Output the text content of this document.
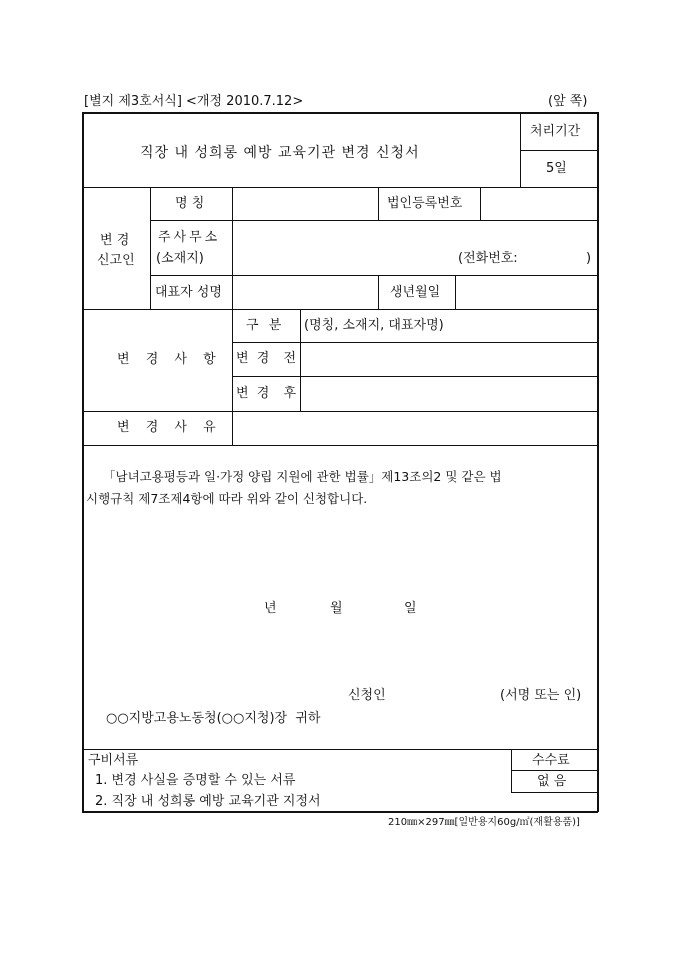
[별지 제3호서식] <개정 2010.7.12>	(앞 쪽)
직장 내 성희롱 예방 교육기관 변경 신청서
처리기간
5일
변 경
신고인
명 칭	법인등록번호
주사무소
(소재지)	(전화번호:	)
대표자 성명	생년월일
변 경 사 항
구 분 (명칭, 소재지, 대표자명)
변 경  전
변 경  후
변 경 사 유
「남녀고용평등과 일·가정 양립 지원에 관한 법률」제13조의2 및 같은 법
시행규칙 제7조제4항에 따라 위와 같이 신청합니다.
년	월	일
신청인	(서명 또는 인)
○○지방고용노동청(○○지청)장  귀하
구비서류
1. 변경 사실을 증명할 수 있는 서류
2. 직장 내 성희롱 예방 교육기관 지정서
수수료
없 음
210㎜×297㎜[일반용지60g/㎡(재활용품)]
